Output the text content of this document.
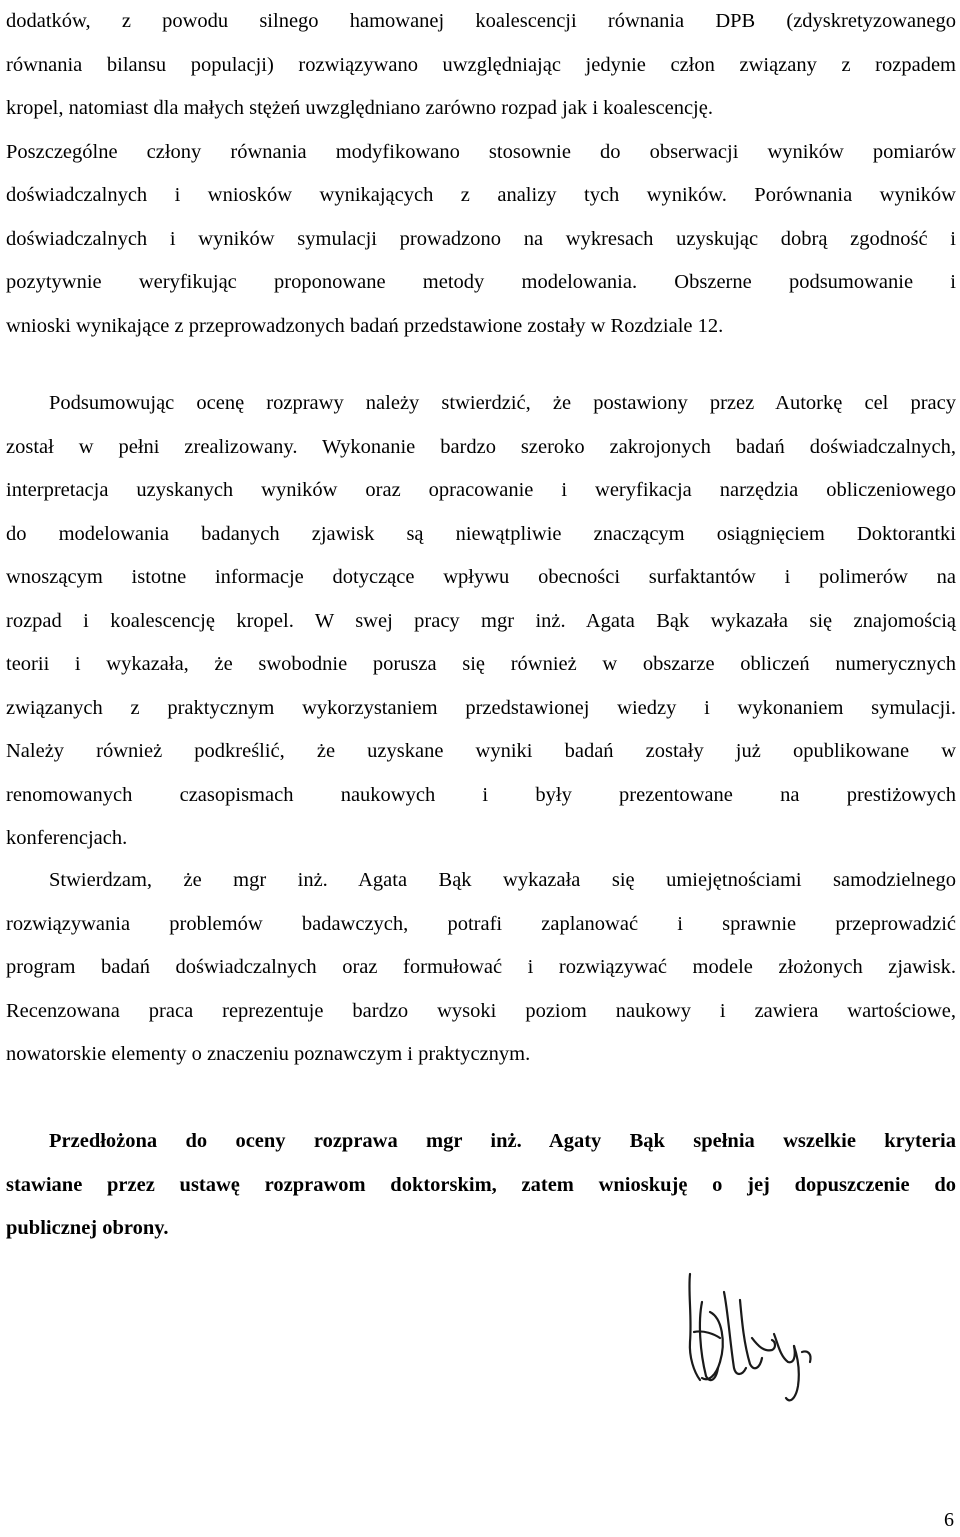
dodatków, z powodu silnego hamowanej koalescencji równania DPB (zdyskretyzowanego
równania bilansu populacji) rozwiązywano uwzględniając jedynie człon związany z rozpadem
kropel, natomiast dla małych stężeń uwzględniano zarówno rozpad jak i koalescencję.
Poszczególne człony równania modyfikowano stosownie do obserwacji wyników pomiarów
doświadczalnych i wniosków wynikających z analizy tych wyników. Porównania wyników
doświadczalnych i wyników symulacji prowadzono na wykresach uzyskując dobrą zgodność i
pozytywnie weryfikując proponowane metody modelowania. Obszerne podsumowanie i
wnioski wynikające z przeprowadzonych badań przedstawione zostały w Rozdziale 12.
Podsumowując ocenę rozprawy należy stwierdzić, że postawiony przez Autorkę cel pracy
został w pełni zrealizowany. Wykonanie bardzo szeroko zakrojonych badań doświadczalnych,
interpretacja uzyskanych wyników oraz opracowanie i weryfikacja narzędzia obliczeniowego
do modelowania badanych zjawisk są niewątpliwie znaczącym osiągnięciem Doktorantki
wnoszącym istotne informacje dotyczące wpływu obecności surfaktantów i polimerów na
rozpad i koalescencję kropel. W swej pracy mgr inż. Agata Bąk wykazała się znajomością
teorii i wykazała, że swobodnie porusza się również w obszarze obliczeń numerycznych
związanych z praktycznym wykorzystaniem przedstawionej wiedzy i wykonaniem symulacji.
Należy również podkreślić, że uzyskane wyniki badań zostały już opublikowane w
renomowanych czasopismach naukowych i były prezentowane na prestiżowych
konferencjach.
Stwierdzam, że mgr inż. Agata Bąk wykazała się umiejętnościami samodzielnego
rozwiązywania problemów badawczych, potrafi zaplanować i sprawnie przeprowadzić
program badań doświadczalnych oraz formułować i rozwiązywać modele złożonych zjawisk.
Recenzowana praca reprezentuje bardzo wysoki poziom naukowy i zawiera wartościowe,
nowatorskie elementy o znaczeniu poznawczym i praktycznym.
Przedłożona do oceny rozprawa mgr inż. Agaty Bąk spełnia wszelkie kryteria
stawiane przez ustawę rozprawom doktorskim, zatem wnioskuję o jej dopuszczenie do
publicznej obrony.
6
